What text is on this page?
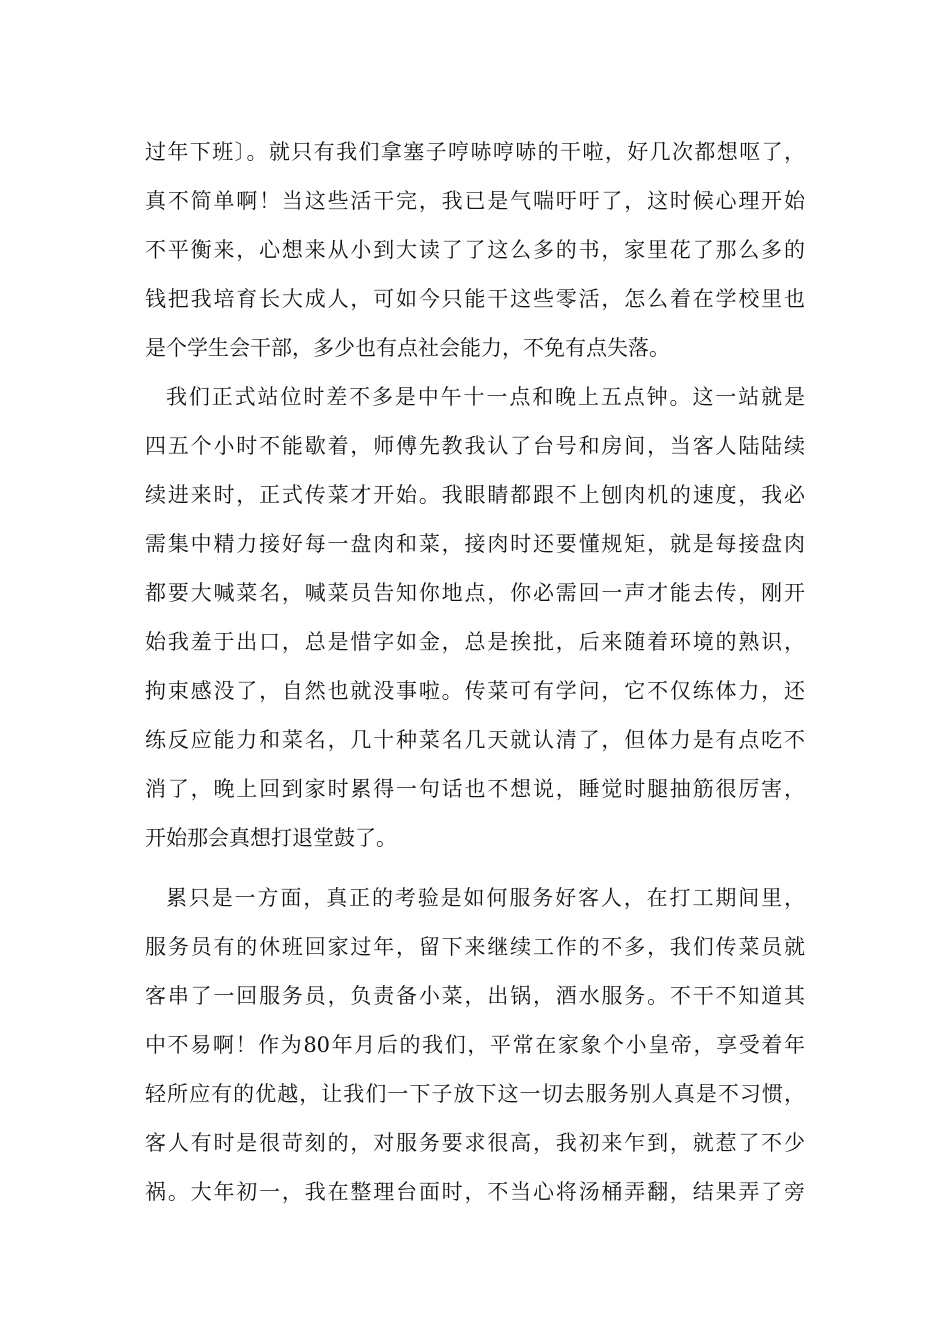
过年下班〕。就只有我们拿塞子哼哧哼哧的干啦，好几次都想呕了，
真不简单啊！当这些活干完，我已是气喘吁吁了，这时候心理开始
不平衡来，心想来从小到大读了了这么多的书，家里花了那么多的
钱把我培育长大成人，可如今只能干这些零活，怎么着在学校里也
是个学生会干部，多少也有点社会能力，不免有点失落。
我们正式站位时差不多是中午十一点和晚上五点钟。这一站就是
四五个小时不能歇着，师傅先教我认了台号和房间，当客人陆陆续
续进来时，正式传菜才开始。我眼睛都跟不上刨肉机的速度，我必
需集中精力接好每一盘肉和菜，接肉时还要懂规矩，就是每接盘肉
都要大喊菜名，喊菜员告知你地点，你必需回一声才能去传，刚开
始我羞于出口，总是惜字如金，总是挨批，后来随着环境的熟识，
拘束感没了，自然也就没事啦。传菜可有学问，它不仅练体力，还
练反应能力和菜名，几十种菜名几天就认清了，但体力是有点吃不
消了，晚上回到家时累得一句话也不想说，睡觉时腿抽筋很厉害，
开始那会真想打退堂鼓了。
累只是一方面，真正的考验是如何服务好客人，在打工期间里，
服务员有的休班回家过年，留下来继续工作的不多，我们传菜员就
客串了一回服务员，负责备小菜，出锅，酒水服务。不干不知道其
中不易啊！作为80年月后的我们，平常在家象个小皇帝，享受着年
轻所应有的优越，让我们一下子放下这一切去服务别人真是不习惯，
客人有时是很苛刻的，对服务要求很高，我初来乍到，就惹了不少
祸。大年初一，我在整理台面时，不当心将汤桶弄翻，结果弄了旁
